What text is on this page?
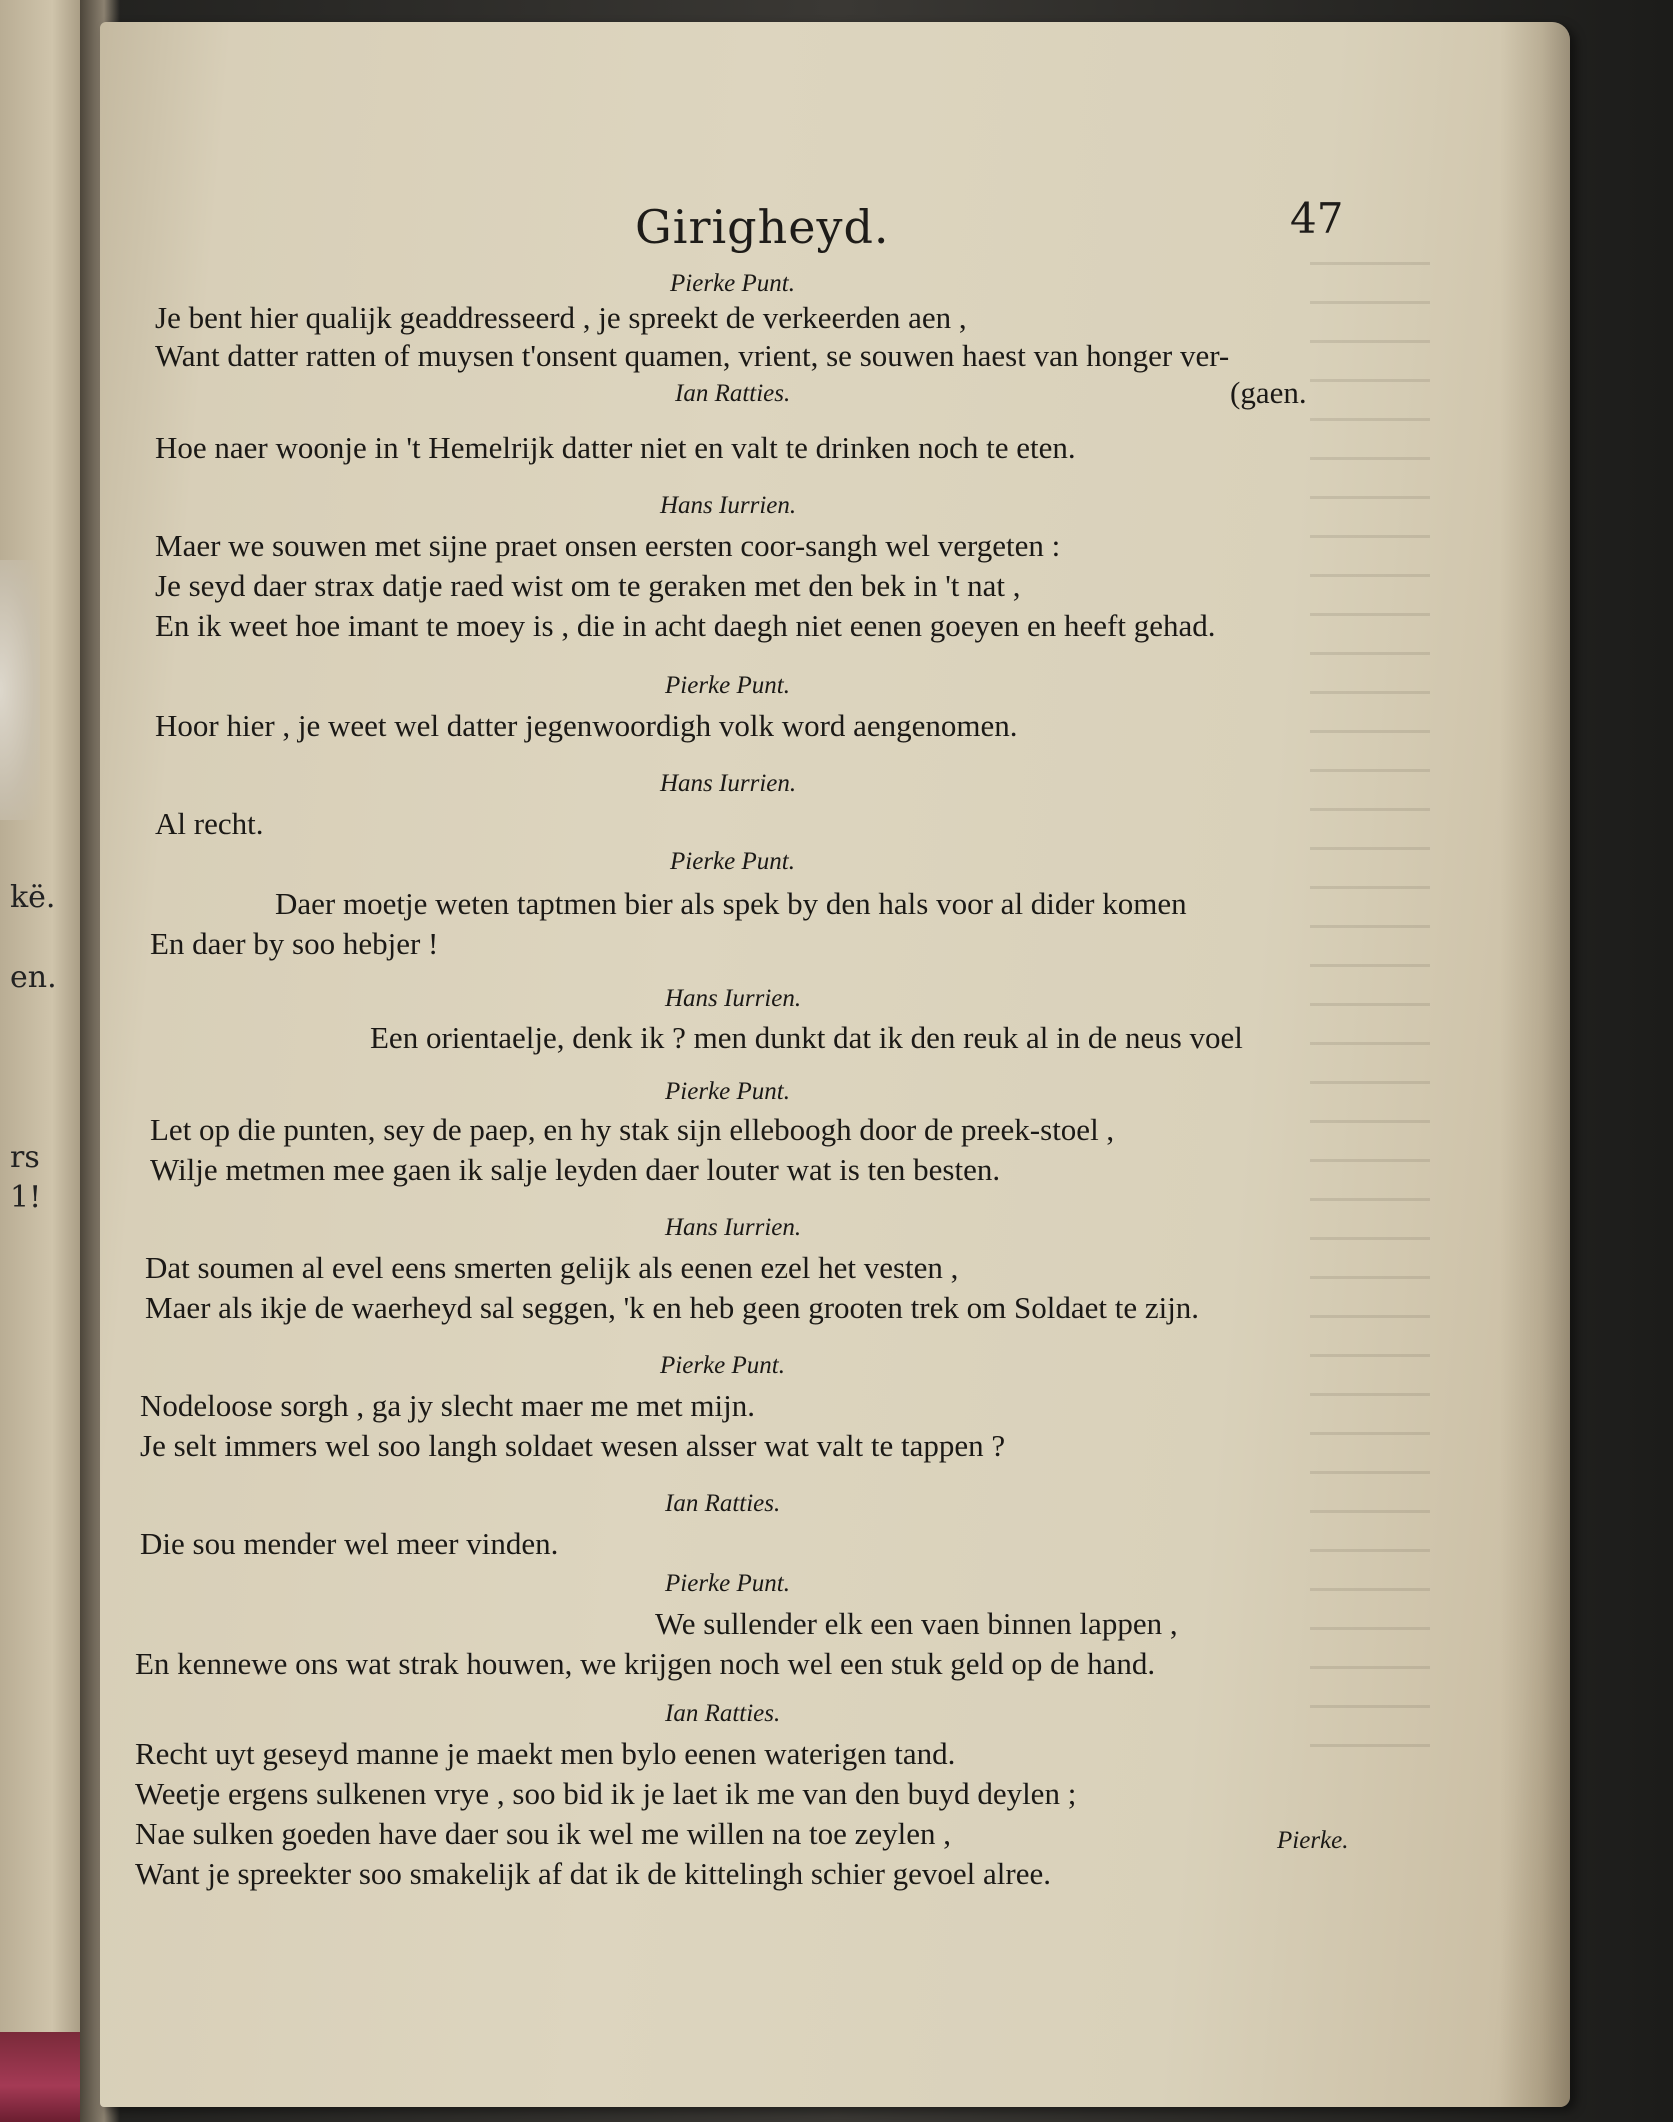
kë.
en.
rs
1!
Girigheyd.	47
Pierke Punt.
Je bent hier qualijk geaddresseerd , je spreekt de verkeerden aen ,
Want datter ratten of muysen t'onsent quamen, vrient, se souwen haest van honger ver-
Ian Ratties.	(gaen.
Hoe naer woonje in 't Hemelrijk datter niet en valt te drinken noch te eten.
Hans Iurrien.
Maer we souwen met sijne praet onsen eersten coor-sangh wel vergeten :
Je seyd daer strax datje raed wist om te geraken met den bek in 't nat ,
En ik weet hoe imant te moey is , die in acht daegh niet eenen goeyen en heeft gehad.
Pierke Punt.
Hoor hier , je weet wel datter jegenwoordigh volk word aengenomen.
Hans Iurrien.
Al recht.
Pierke Punt.
Daer moetje weten taptmen bier als spek by den hals voor al dider komen
En daer by soo hebjer !
Hans Iurrien.
Een orientaelje, denk ik ? men dunkt dat ik den reuk al in de neus voel
Pierke Punt.
Let op die punten, sey de paep, en hy stak sijn elleboogh door de preek-stoel ,
Wilje metmen mee gaen ik salje leyden daer louter wat is ten besten.
Hans Iurrien.
Dat soumen al evel eens smerten gelijk als eenen ezel het vesten ,
Maer als ikje de waerheyd sal seggen, 'k en heb geen grooten trek om Soldaet te zijn.
Pierke Punt.
Nodeloose sorgh , ga jy slecht maer me met mijn.
Je selt immers wel soo langh soldaet wesen alsser wat valt te tappen ?
Ian Ratties.
Die sou mender wel meer vinden.
Pierke Punt.
We sullender elk een vaen binnen lappen ,
En kennewe ons wat strak houwen, we krijgen noch wel een stuk geld op de hand.
Ian Ratties.
Recht uyt geseyd manne je maekt men bylo eenen waterigen tand.
Weetje ergens sulkenen vrye , soo bid ik je laet ik me van den buyd deylen ;
Nae sulken goeden have daer sou ik wel me willen na toe zeylen ,
Want je spreekter soo smakelijk af dat ik de kittelingh schier gevoel alree.
Pierke.
